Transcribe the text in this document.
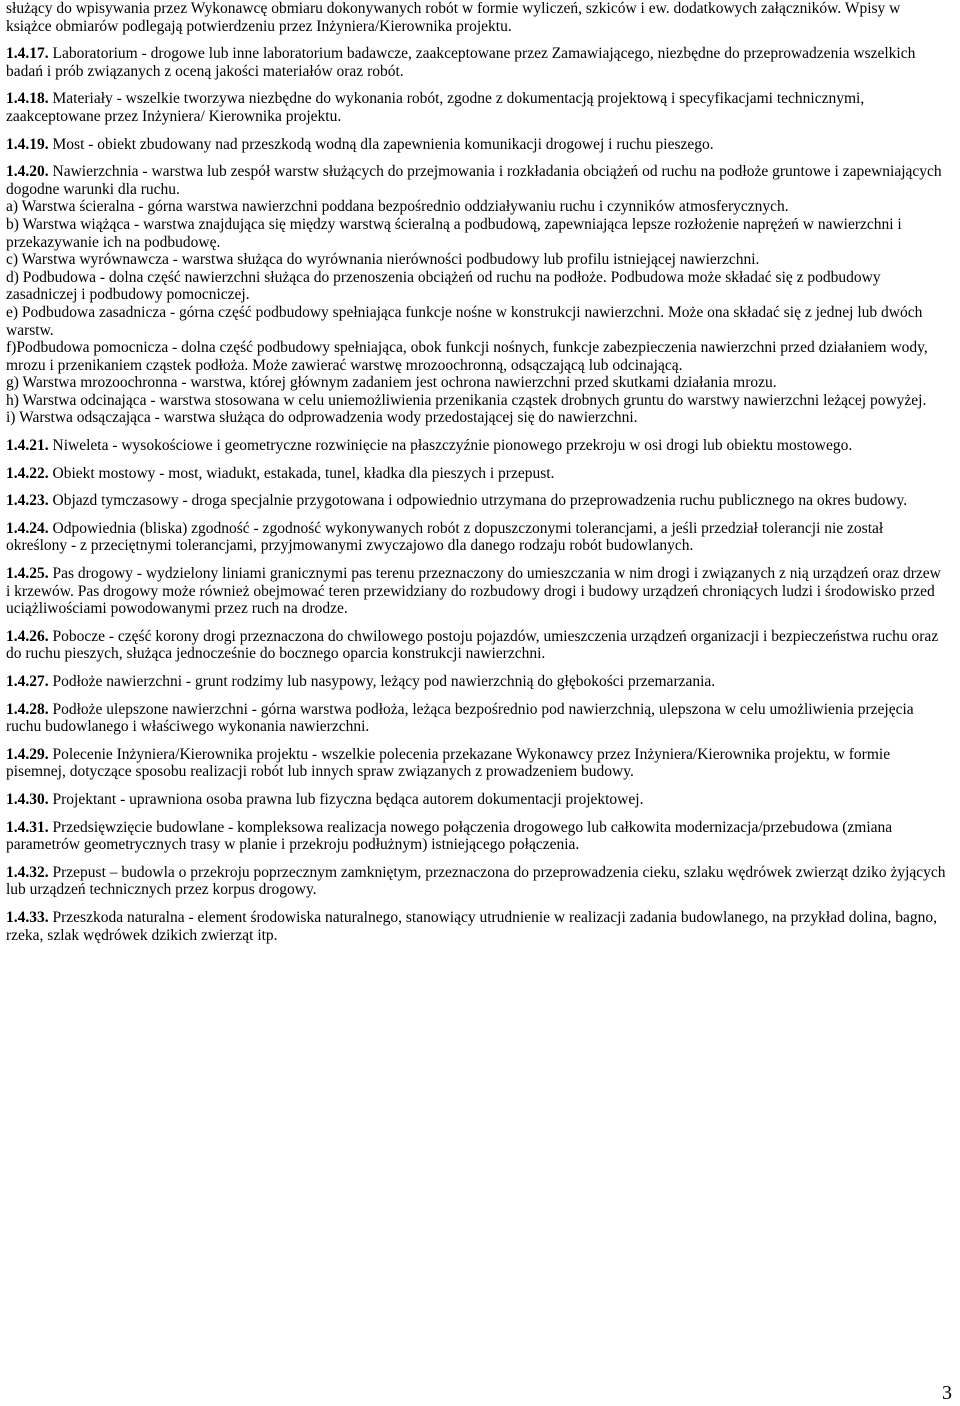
służący do wpisywania przez Wykonawcę obmiaru dokonywanych robót w formie wyliczeń, szkiców i ew. dodatkowych załączników. Wpisy w książce obmiarów podlegają potwierdzeniu przez Inżyniera/Kierownika projektu.

1.4.17. Laboratorium - drogowe lub inne laboratorium badawcze, zaakceptowane przez Zamawiającego, niezbędne do przeprowadzenia wszelkich badań i prób związanych z oceną jakości materiałów oraz robót.

1.4.18. Materiały - wszelkie tworzywa niezbędne do wykonania robót, zgodne z dokumentacją projektową i specyfikacjami technicznymi, zaakceptowane przez Inżyniera/ Kierownika projektu.

1.4.19. Most - obiekt zbudowany nad przeszkodą wodną dla zapewnienia komunikacji drogowej i ruchu pieszego.

1.4.20. Nawierzchnia - warstwa lub zespół warstw służących do przejmowania i rozkładania obciążeń od ruchu na podłoże gruntowe i zapewniających dogodne warunki dla ruchu.

a) Warstwa ścieralna - górna warstwa nawierzchni poddana bezpośrednio oddziaływaniu ruchu i czynników atmosferycznych.

b) Warstwa wiążąca - warstwa znajdująca się między warstwą ścieralną a podbudową, zapewniająca lepsze rozłożenie naprężeń w nawierzchni i przekazywanie ich na podbudowę.

c) Warstwa wyrównawcza - warstwa służąca do wyrównania nierówności podbudowy lub profilu istniejącej nawierzchni.

d) Podbudowa - dolna część nawierzchni służąca do przenoszenia obciążeń od ruchu na podłoże. Podbudowa może składać się z podbudowy zasadniczej i podbudowy pomocniczej.

e) Podbudowa zasadnicza - górna część podbudowy spełniająca funkcje nośne w konstrukcji nawierzchni. Może ona składać się z jednej lub dwóch warstw.

f)Podbudowa pomocnicza - dolna część podbudowy spełniająca, obok funkcji nośnych, funkcje zabezpieczenia nawierzchni przed działaniem wody, mrozu i przenikaniem cząstek podłoża. Może zawierać warstwę mrozoochronną, odsączającą lub odcinającą.

g) Warstwa mrozoochronna - warstwa, której głównym zadaniem jest ochrona nawierzchni przed skutkami działania mrozu.

h) Warstwa odcinająca - warstwa stosowana w celu uniemożliwienia przenikania cząstek drobnych gruntu do warstwy nawierzchni leżącej powyżej.

i) Warstwa odsączająca - warstwa służąca do odprowadzenia wody przedostającej się do nawierzchni.

1.4.21. Niweleta - wysokościowe i geometryczne rozwinięcie na płaszczyźnie pionowego przekroju w osi drogi lub obiektu mostowego.

1.4.22. Obiekt mostowy - most, wiadukt, estakada, tunel, kładka dla pieszych i przepust.

1.4.23. Objazd tymczasowy - droga specjalnie przygotowana i odpowiednio utrzymana do przeprowadzenia ruchu publicznego na okres budowy.

1.4.24. Odpowiednia (bliska) zgodność - zgodność wykonywanych robót z dopuszczonymi tolerancjami, a jeśli przedział tolerancji nie został określony - z przeciętnymi tolerancjami, przyjmowanymi zwyczajowo dla danego rodzaju robót budowlanych.

1.4.25. Pas drogowy - wydzielony liniami granicznymi pas terenu przeznaczony do umieszczania w nim drogi i związanych z nią urządzeń oraz drzew i krzewów. Pas drogowy może również obejmować teren przewidziany do rozbudowy drogi i budowy urządzeń chroniących ludzi i środowisko przed uciążliwościami powodowanymi przez ruch na drodze.

1.4.26. Pobocze - część korony drogi przeznaczona do chwilowego postoju pojazdów, umieszczenia urządzeń organizacji i bezpieczeństwa ruchu oraz do ruchu pieszych, służąca jednocześnie do bocznego oparcia konstrukcji nawierzchni.

1.4.27. Podłoże nawierzchni - grunt rodzimy lub nasypowy, leżący pod nawierzchnią do głębokości przemarzania.

1.4.28. Podłoże ulepszone nawierzchni - górna warstwa podłoża, leżąca bezpośrednio pod nawierzchnią, ulepszona w celu umożliwienia przejęcia ruchu budowlanego i właściwego wykonania nawierzchni.

1.4.29. Polecenie Inżyniera/Kierownika projektu - wszelkie polecenia przekazane Wykonawcy przez Inżyniera/Kierownika projektu, w formie pisemnej, dotyczące sposobu realizacji robót lub innych spraw związanych z prowadzeniem budowy.

1.4.30. Projektant - uprawniona osoba prawna lub fizyczna będąca autorem dokumentacji projektowej.

1.4.31. Przedsięwzięcie budowlane - kompleksowa realizacja nowego połączenia drogowego lub całkowita modernizacja/przebudowa (zmiana parametrów geometrycznych trasy w planie i przekroju podłużnym) istniejącego połączenia.

1.4.32. Przepust – budowla o przekroju poprzecznym zamkniętym, przeznaczona do przeprowadzenia cieku, szlaku wędrówek zwierząt dziko żyjących lub urządzeń technicznych przez korpus drogowy.

1.4.33. Przeszkoda naturalna - element środowiska naturalnego, stanowiący utrudnienie w realizacji zadania budowlanego, na przykład dolina, bagno, rzeka, szlak wędrówek dzikich zwierząt itp.

3
